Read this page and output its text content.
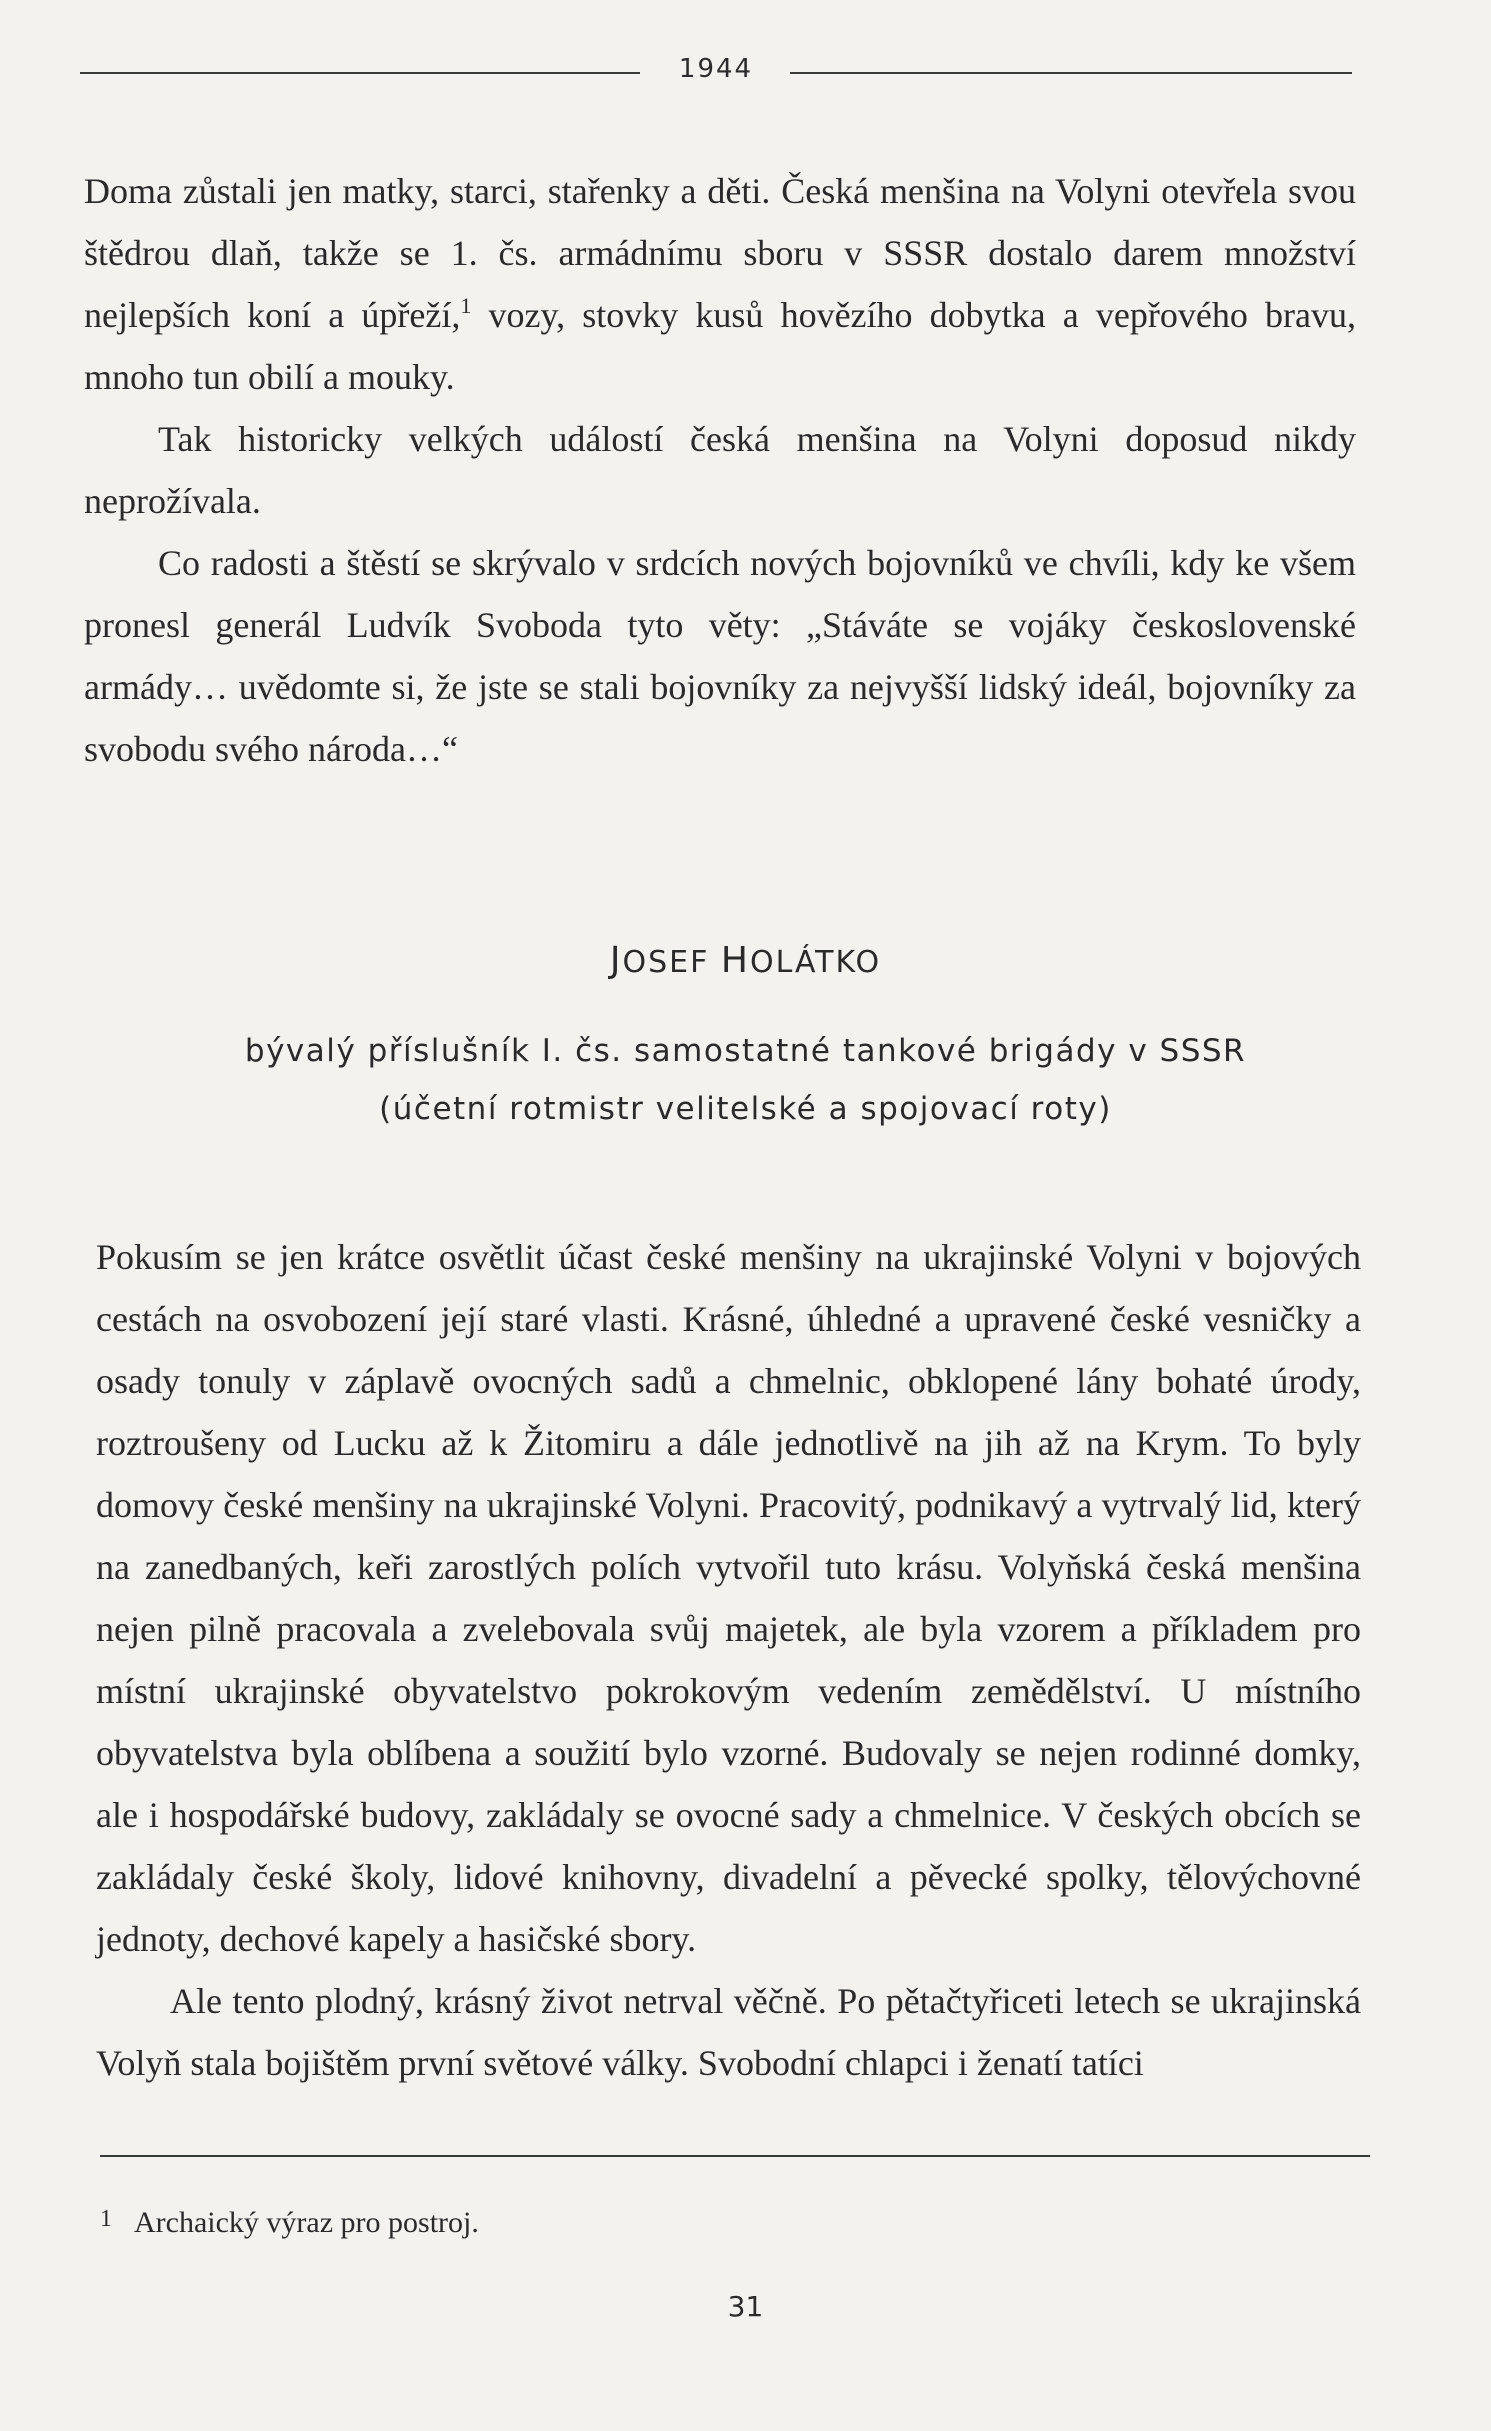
1944

Doma zůstali jen matky, starci, stařenky a děti. Česká menšina na Volyni otevřela svou štědrou dlaň, takže se 1. čs. armádnímu sboru v SSSR dostalo darem množství nejlepších koní a úpřeží,$^1$ vozy, stovky kusů hovězího dobytka a vepřového bravu, mnoho tun obilí a mouky.

Tak historicky velkých událostí česká menšina na Volyni doposud nikdy neprožívala.

Co radosti a štěstí se skrývalo v srdcích nových bojovníků ve chvíli, kdy ke všem pronesl generál Ludvík Svoboda tyto věty: „Stáváte se vojáky československé armády… uvědomte si, že jste se stali bojovníky za nejvyšší lidský ideál, bojovníky za svobodu svého národa…“

JOSEF HOLÁTKO
bývalý příslušník I. čs. samostatné tankové brigády v SSSR
(účetní rotmistr velitelské a spojovací roty)

Pokusím se jen krátce osvětlit účast české menšiny na ukrajinské Volyni v bojových cestách na osvobození její staré vlasti. Krásné, úhledné a upravené české vesničky a osady tonuly v záplavě ovocných sadů a chmelnic, obklopené lány bohaté úrody, roztroušeny od Lucku až k Žitomiru a dále jednotlivě na jih až na Krym. To byly domovy české menšiny na ukrajinské Volyni. Pracovitý, podnikavý a vytrvalý lid, který na zanedbaných, keři zarostlých polích vytvořil tuto krásu. Volyňská česká menšina nejen pilně pracovala a zvelebovala svůj majetek, ale byla vzorem a příkladem pro místní ukrajinské obyvatelstvo pokrokovým vedením zemědělství. U místního obyvatelstva byla oblíbena a soužití bylo vzorné. Budovaly se nejen rodinné domky, ale i hospodářské budovy, zakládaly se ovocné sady a chmelnice. V českých obcích se zakládaly české školy, lidové knihovny, divadelní a pěvecké spolky, tělovýchovné jednoty, dechové kapely a hasičské sbory.

Ale tento plodný, krásný život netrval věčně. Po pětačtyřiceti letech se ukrajinská Volyň stala bojištěm první světové války. Svobodní chlapci i ženatí tatíci

1 Archaický výraz pro postroj.
31
